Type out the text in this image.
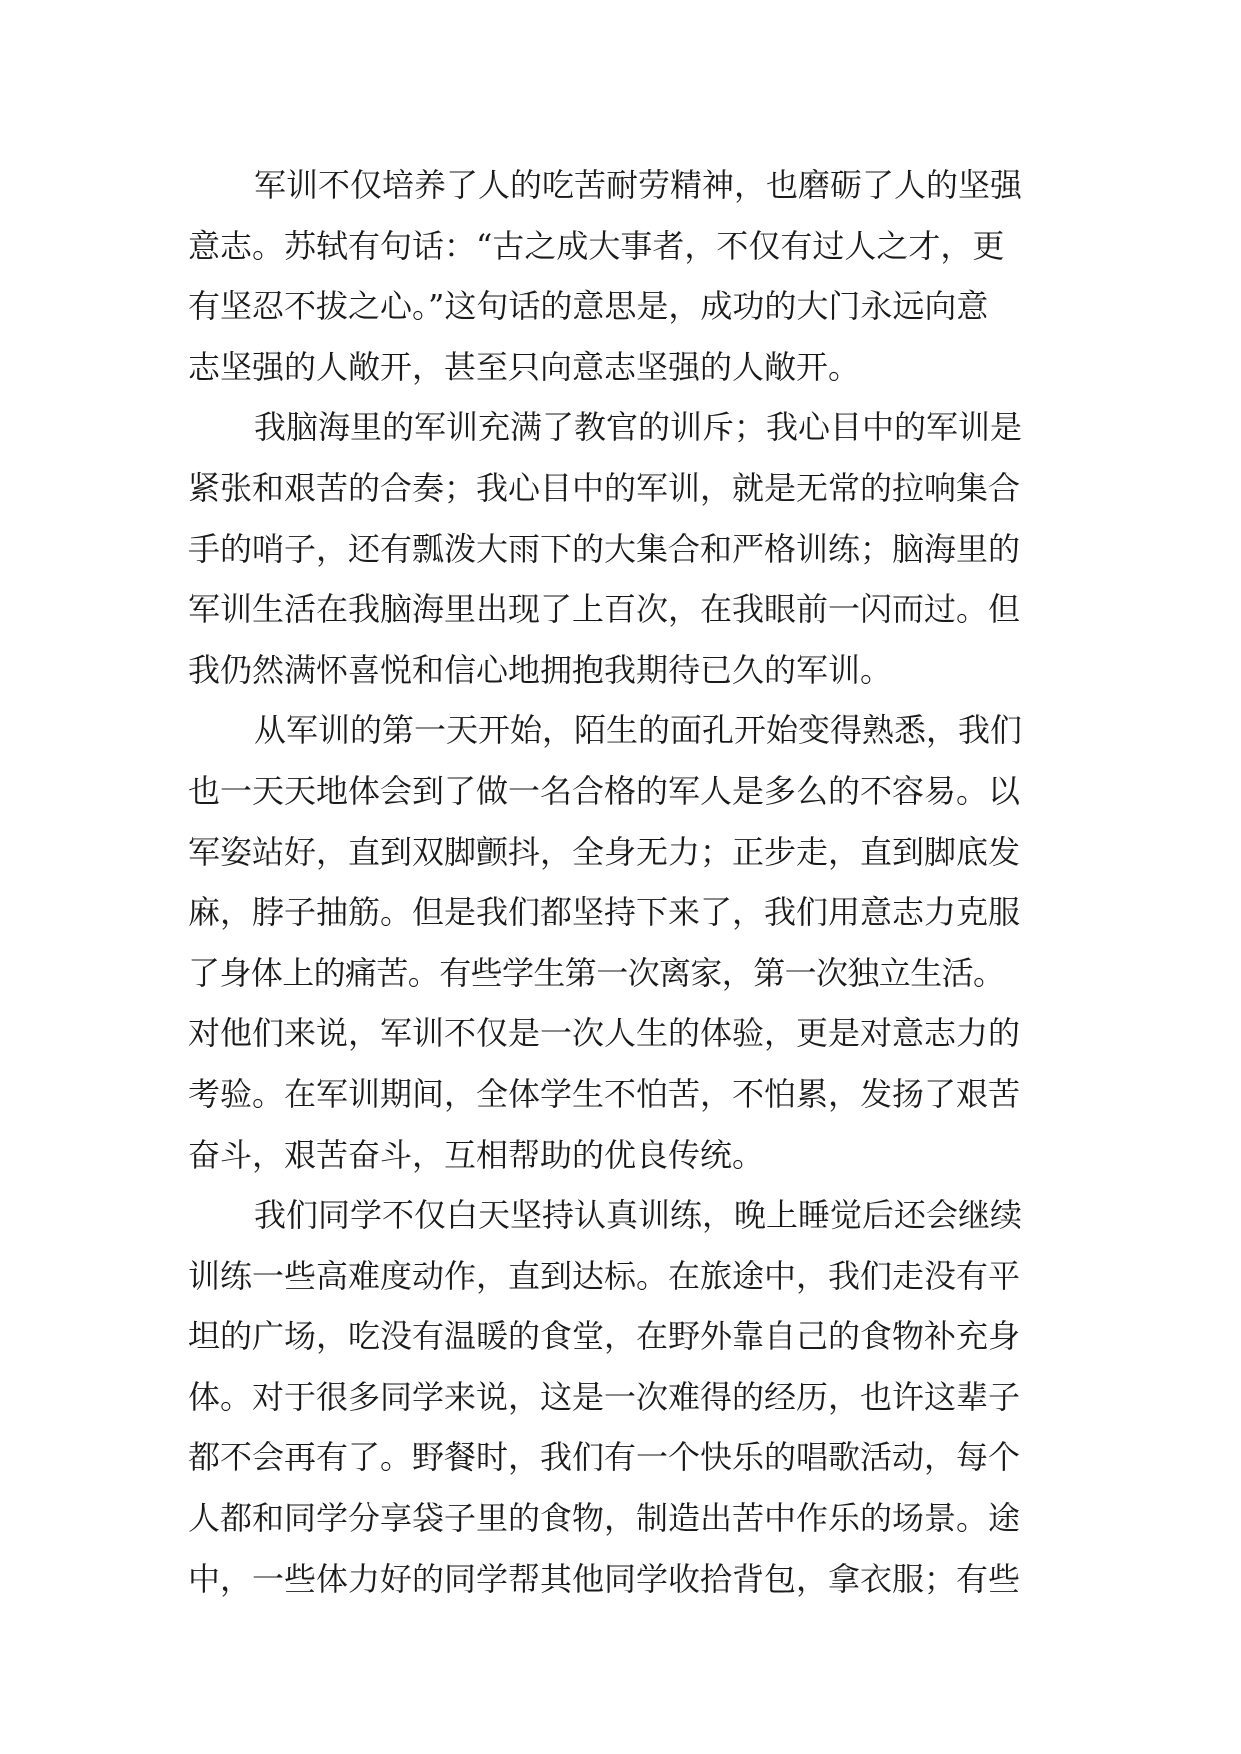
军训不仅培养了人的吃苦耐劳精神，也磨砺了人的坚强
意志。苏轼有句话：“古之成大事者，不仅有过人之才，更
有坚忍不拔之心。”这句话的意思是，成功的大门永远向意
志坚强的人敞开，甚至只向意志坚强的人敞开。
我脑海里的军训充满了教官的训斥；我心目中的军训是
紧张和艰苦的合奏；我心目中的军训，就是无常的拉响集合
手的哨子，还有瓢泼大雨下的大集合和严格训练；脑海里的
军训生活在我脑海里出现了上百次，在我眼前一闪而过。但
我仍然满怀喜悦和信心地拥抱我期待已久的军训。
从军训的第一天开始，陌生的面孔开始变得熟悉，我们
也一天天地体会到了做一名合格的军人是多么的不容易。以
军姿站好，直到双脚颤抖，全身无力；正步走，直到脚底发
麻，脖子抽筋。但是我们都坚持下来了，我们用意志力克服
了身体上的痛苦。有些学生第一次离家，第一次独立生活。
对他们来说，军训不仅是一次人生的体验，更是对意志力的
考验。在军训期间，全体学生不怕苦，不怕累，发扬了艰苦
奋斗，艰苦奋斗，互相帮助的优良传统。
我们同学不仅白天坚持认真训练，晚上睡觉后还会继续
训练一些高难度动作，直到达标。在旅途中，我们走没有平
坦的广场，吃没有温暖的食堂，在野外靠自己的食物补充身
体。对于很多同学来说，这是一次难得的经历，也许这辈子
都不会再有了。野餐时，我们有一个快乐的唱歌活动，每个
人都和同学分享袋子里的食物，制造出苦中作乐的场景。途
中，一些体力好的同学帮其他同学收拾背包，拿衣服；有些
